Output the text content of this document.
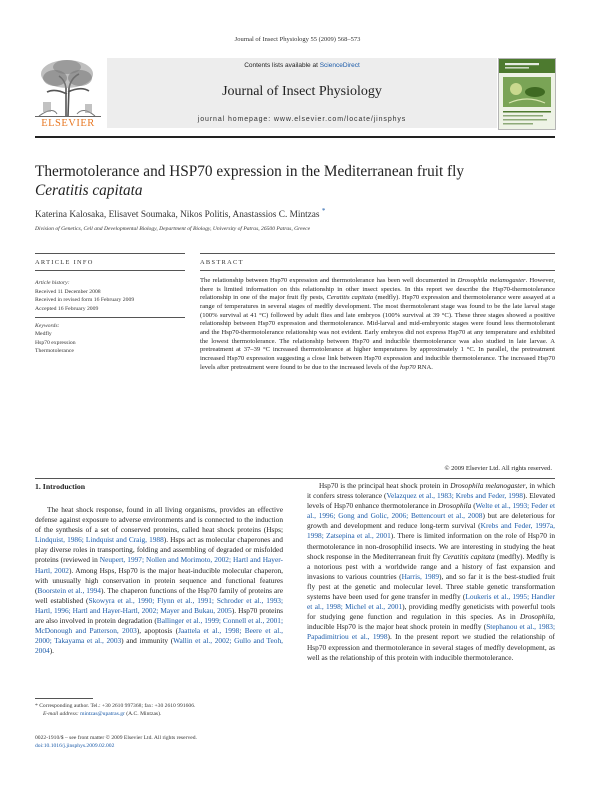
Journal of Insect Physiology 55 (2009) 568–573
ELSEVIER
Contents lists available at ScienceDirect
Journal of Insect Physiology
journal homepage: www.elsevier.com/locate/jinsphys
Thermotolerance and HSP70 expression in the Mediterranean fruit fly
Ceratitis capitata
Katerina Kalosaka, Elisavet Soumaka, Nikos Politis, Anastassios C. Mintzas *
Division of Genetics, Cell and Developmental Biology, Department of Biology, University of Patras, 26500 Patras, Greece
ARTICLE INFO	ABSTRACT
Article history:
Received 11 December 2008
Received in revised form 16 February 2009
Accepted 16 February 2009
Keywords:
Medfly
Hsp70 expression
Thermotolerance
The relationship between Hsp70 expression and thermotolerance has been well documented in Drosophila melanogaster. However, there is limited information on this relationship in other insect species. In this report we describe the Hsp70-thermotolerance relationship in one of the major fruit fly pests, Ceratitis capitata (medfly). Hsp70 expression and thermotolerance were assayed at a range of temperatures in several stages of medfly development. The most thermotolerant stage was found to be the late larval stage (100% survival at 41 °C) followed by adult flies and late embryos (100% survival at 39 °C). These three stages showed a positive relationship between Hsp70 expression and thermotolerance. Mid-larval and mid-embryonic stages were found less thermotolerant and the Hsp70-thermotolerance relationship was not evident. Early embryos did not express Hsp70 at any temperature and exhibited the lowest thermotolerance. The relationship between Hsp70 and inducible thermotolerance was also studied in late larvae. A pretreatment at 37–39 °C increased thermotolerance at higher temperatures by approximately 1 °C. In parallel, the pretreatment increased Hsp70 expression suggesting a close link between Hsp70 expression and inducible thermotolerance. The increased Hsp70 levels after pretreatment were found to be due to the increased levels of the hsp70 RNA.
© 2009 Elsevier Ltd. All rights reserved.
1. Introduction

The heat shock response, found in all living organisms, provides an effective defense against exposure to adverse environments and is connected to the induction of the synthesis of a set of conserved proteins, called heat shock proteins (Hsps; Lindquist, 1986; Lindquist and Craig, 1988). Hsps act as molecular chaperones and play diverse roles in transporting, folding and assembling of degraded or misfolded proteins (reviewed in Neupert, 1997; Nollen and Morimoto, 2002; Hartl and Hayer-Hartl, 2002). Among Hsps, Hsp70 is the major heat-inducible molecular chaperon, with unusually high conservation in protein sequence and functional features (Boorstein et al., 1994). The chaperon functions of the Hsp70 family of proteins are well established (Skowyra et al., 1990; Flynn et al., 1991; Schroder et al., 1993; Hartl, 1996; Hartl and Hayer-Hartl, 2002; Mayer and Bukau, 2005). Hsp70 proteins are also involved in protein degradation (Ballinger et al., 1999; Connell et al., 2001; McDonough and Patterson, 2003), apoptosis (Jaattela et al., 1998; Beere et al., 2000; Takayama et al., 2003) and immunity (Wallin et al., 2002; Gullo and Teoh, 2004).

Hsp70 is the principal heat shock protein in Drosophila melanogaster, in which it confers stress tolerance (Velazquez et al., 1983; Krebs and Feder, 1998). Elevated levels of Hsp70 enhance thermotolerance in Drosophila (Welte et al., 1993; Feder et al., 1996; Gong and Golic, 2006; Bettencourt et al., 2008) but are deleterious for growth and development and reduce long-term survival (Krebs and Feder, 1997a, 1998; Zatsepina et al., 2001). There is limited information on the role of Hsp70 in thermotolerance in non-drosophilid insects. We are interesting in studying the heat shock response in the Mediterranean fruit fly Ceratitis capitata (medfly). Medfly is a notorious pest with a worldwide range and a history of fast expansion and invasions to various countries (Harris, 1989), and so far it is the best-studied fruit fly pest at the genetic and molecular level. Three stable genetic transformation systems have been used for gene transfer in medfly (Loukeris et al., 1995; Handler et al., 1998; Michel et al., 2001), providing medfly geneticists with powerful tools for studying gene function and regulation in this species. As in Drosophila, inducible Hsp70 is the major heat shock protein in medfly (Stephanou et al., 1983; Papadimitriou et al., 1998). In the present report we studied the relationship of Hsp70 expression and thermotolerance in several stages of medfly development, as well as the relationship of this protein with inducible thermotolerance.

* Corresponding author. Tel.: +30 2610 997368; fax: +30 2610 991606.
E-mail address: mintzas@upatras.gr (A.C. Mintzas).
0022-1910/$ – see front matter © 2009 Elsevier Ltd. All rights reserved.
doi:10.1016/j.jinsphys.2009.02.002
